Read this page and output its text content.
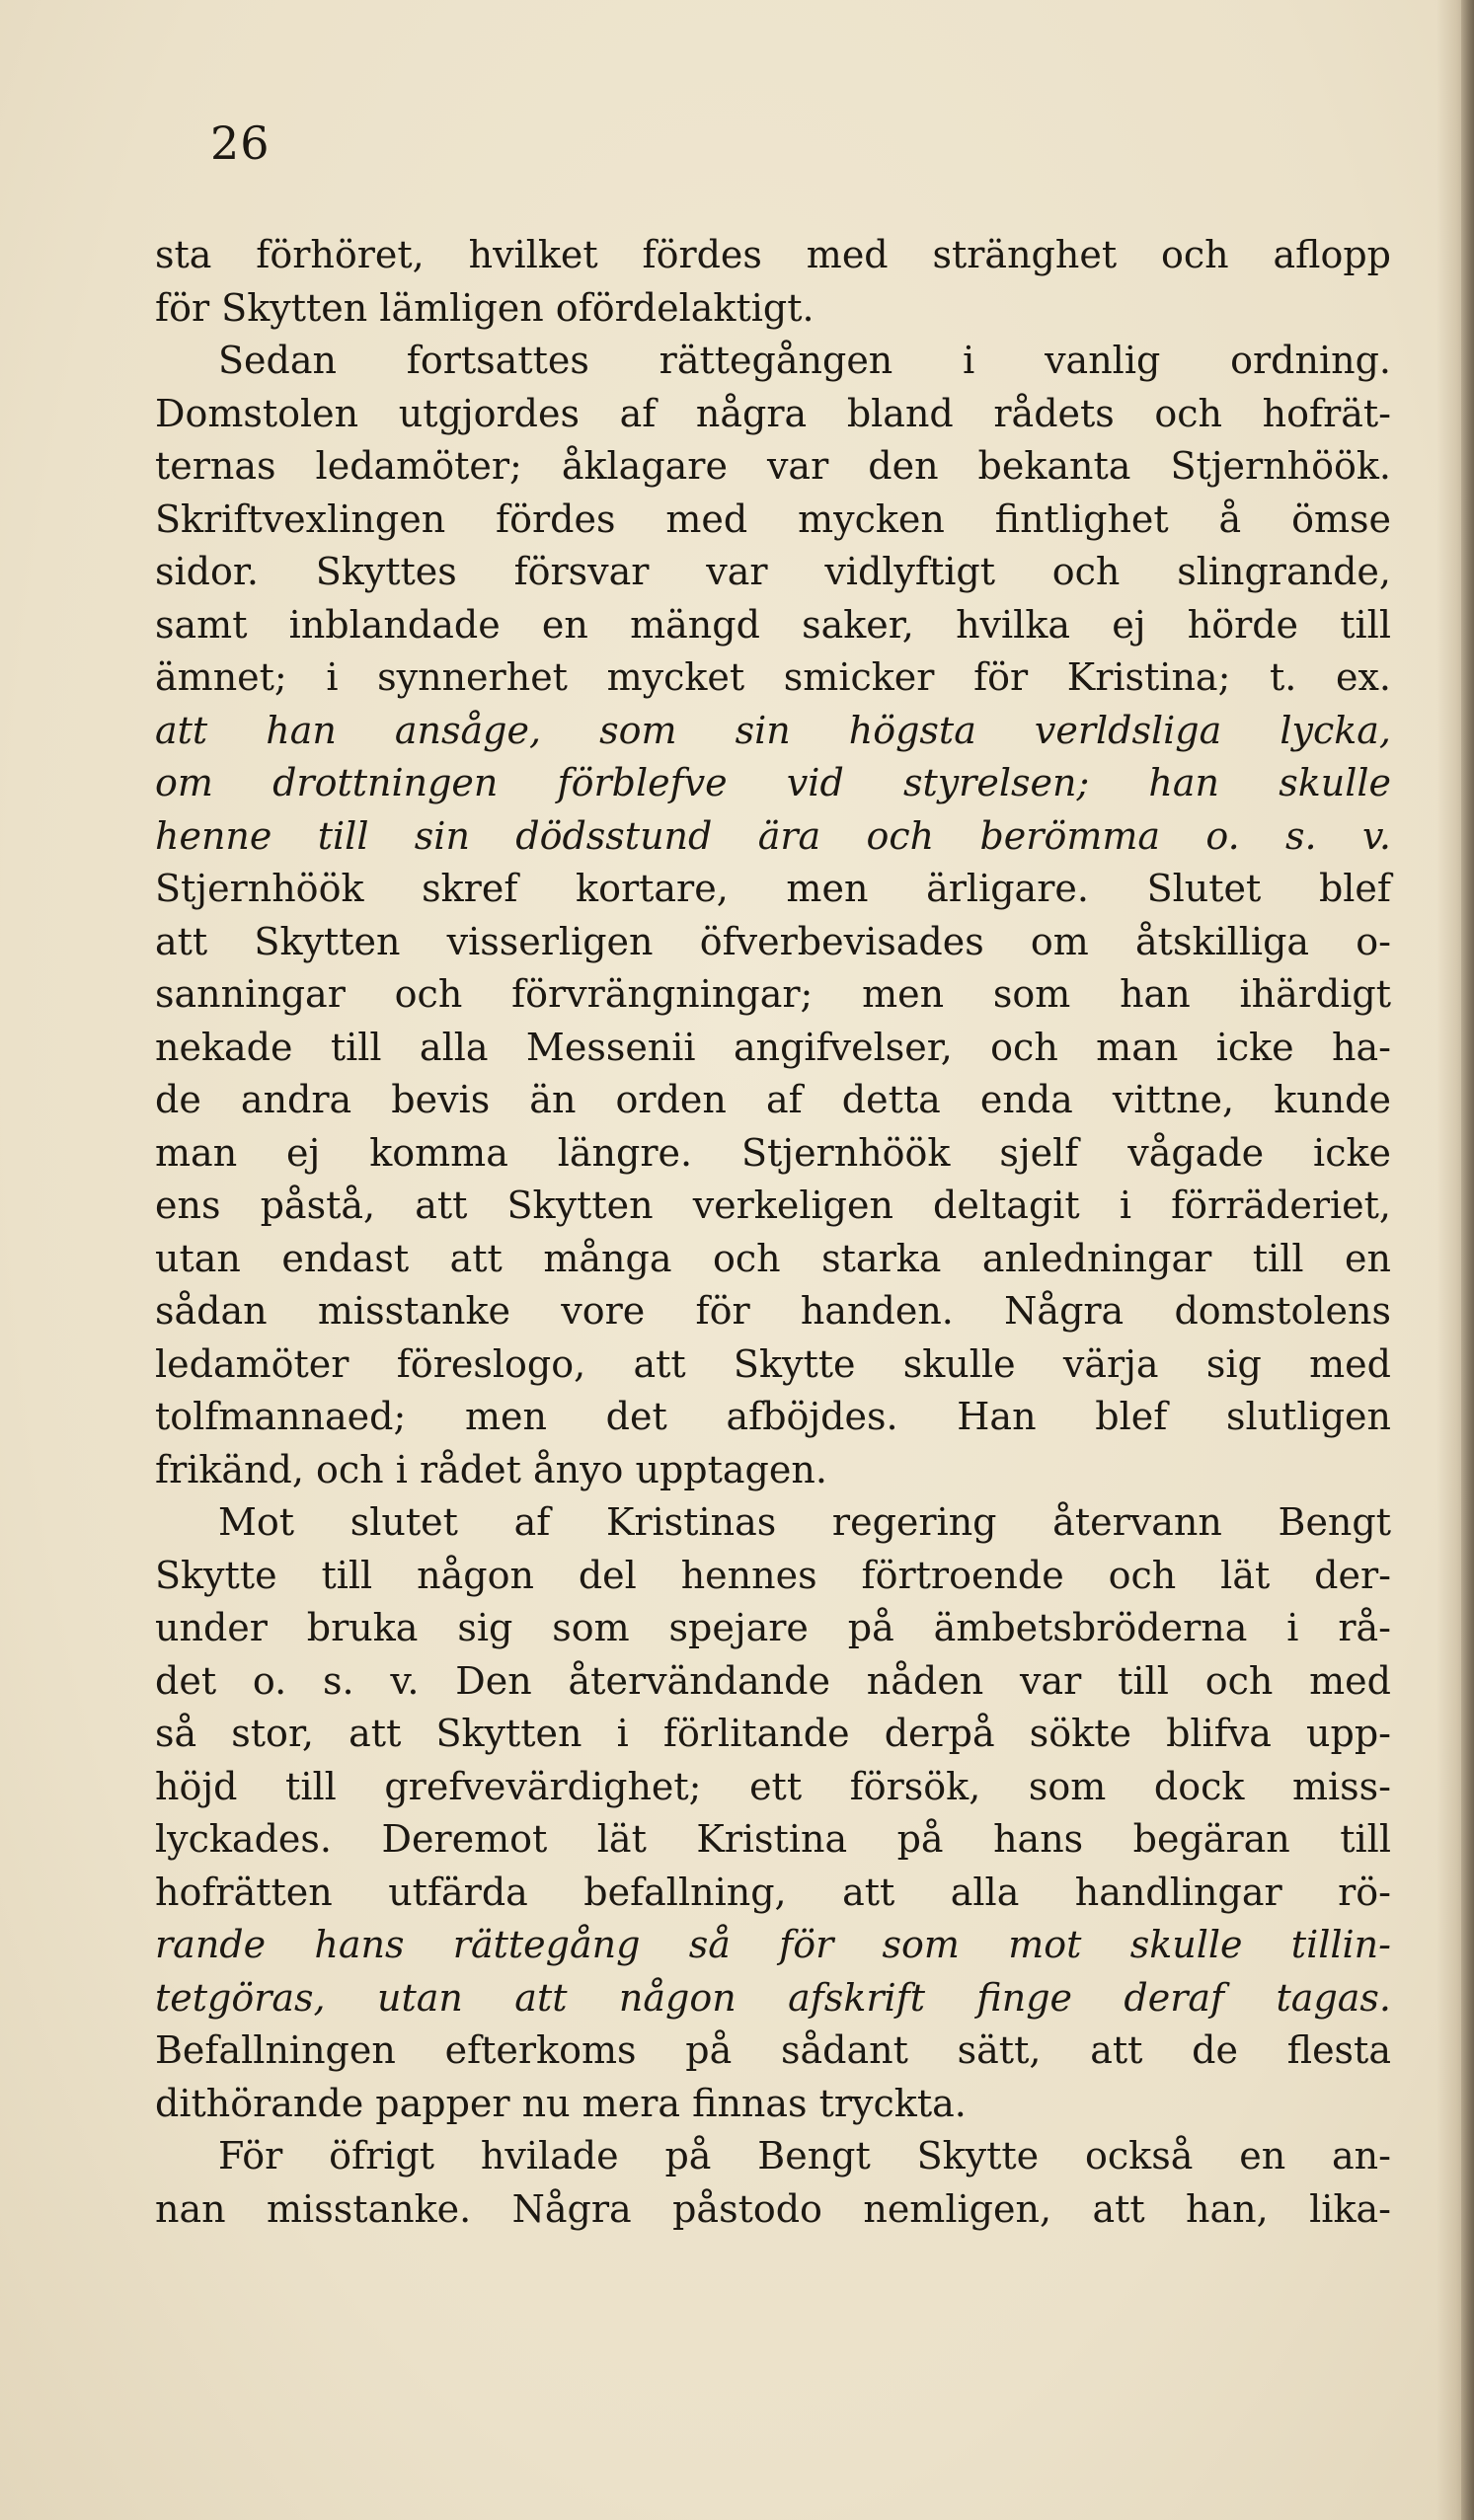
26
sta förhöret, hvilket fördes med stränghet och aflopp
för Skytten lämligen ofördelaktigt.
Sedan fortsattes rättegången i vanlig ordning.
Domstolen utgjordes af några bland rådets och hofrät-
ternas ledamöter; åklagare var den bekanta Stjernhöök.
Skriftvexlingen fördes med mycken fintlighet å ömse
sidor. Skyttes försvar var vidlyftigt och slingrande,
samt inblandade en mängd saker, hvilka ej hörde till
ämnet; i synnerhet mycket smicker för Kristina; t. ex.
att han ansåge, som sin högsta verldsliga lycka,
om drottningen förblefve vid styrelsen; han skulle
henne till sin dödsstund ära och berömma o. s. v.
Stjernhöök skref kortare, men ärligare. Slutet blef
att Skytten visserligen öfverbevisades om åtskilliga o-
sanningar och förvrängningar; men som han ihärdigt
nekade till alla Messenii angifvelser, och man icke ha-
de andra bevis än orden af detta enda vittne, kunde
man ej komma längre. Stjernhöök sjelf vågade icke
ens påstå, att Skytten verkeligen deltagit i förräderiet,
utan endast att många och starka anledningar till en
sådan misstanke vore för handen. Några domstolens
ledamöter föreslogo, att Skytte skulle värja sig med
tolfmannaed; men det afböjdes. Han blef slutligen
frikänd, och i rådet ånyo upptagen.
Mot slutet af Kristinas regering återvann Bengt
Skytte till någon del hennes förtroende och lät der-
under bruka sig som spejare på ämbetsbröderna i rå-
det o. s. v. Den återvändande nåden var till och med
så stor, att Skytten i förlitande derpå sökte blifva upp-
höjd till grefvevärdighet; ett försök, som dock miss-
lyckades. Deremot lät Kristina på hans begäran till
hofrätten utfärda befallning, att alla handlingar rö-
rande hans rättegång så för som mot skulle tillin-
tetgöras, utan att någon afskrift finge deraf tagas.
Befallningen efterkoms på sådant sätt, att de flesta
dithörande papper nu mera finnas tryckta.
För öfrigt hvilade på Bengt Skytte också en an-
nan misstanke. Några påstodo nemligen, att han, lika-
